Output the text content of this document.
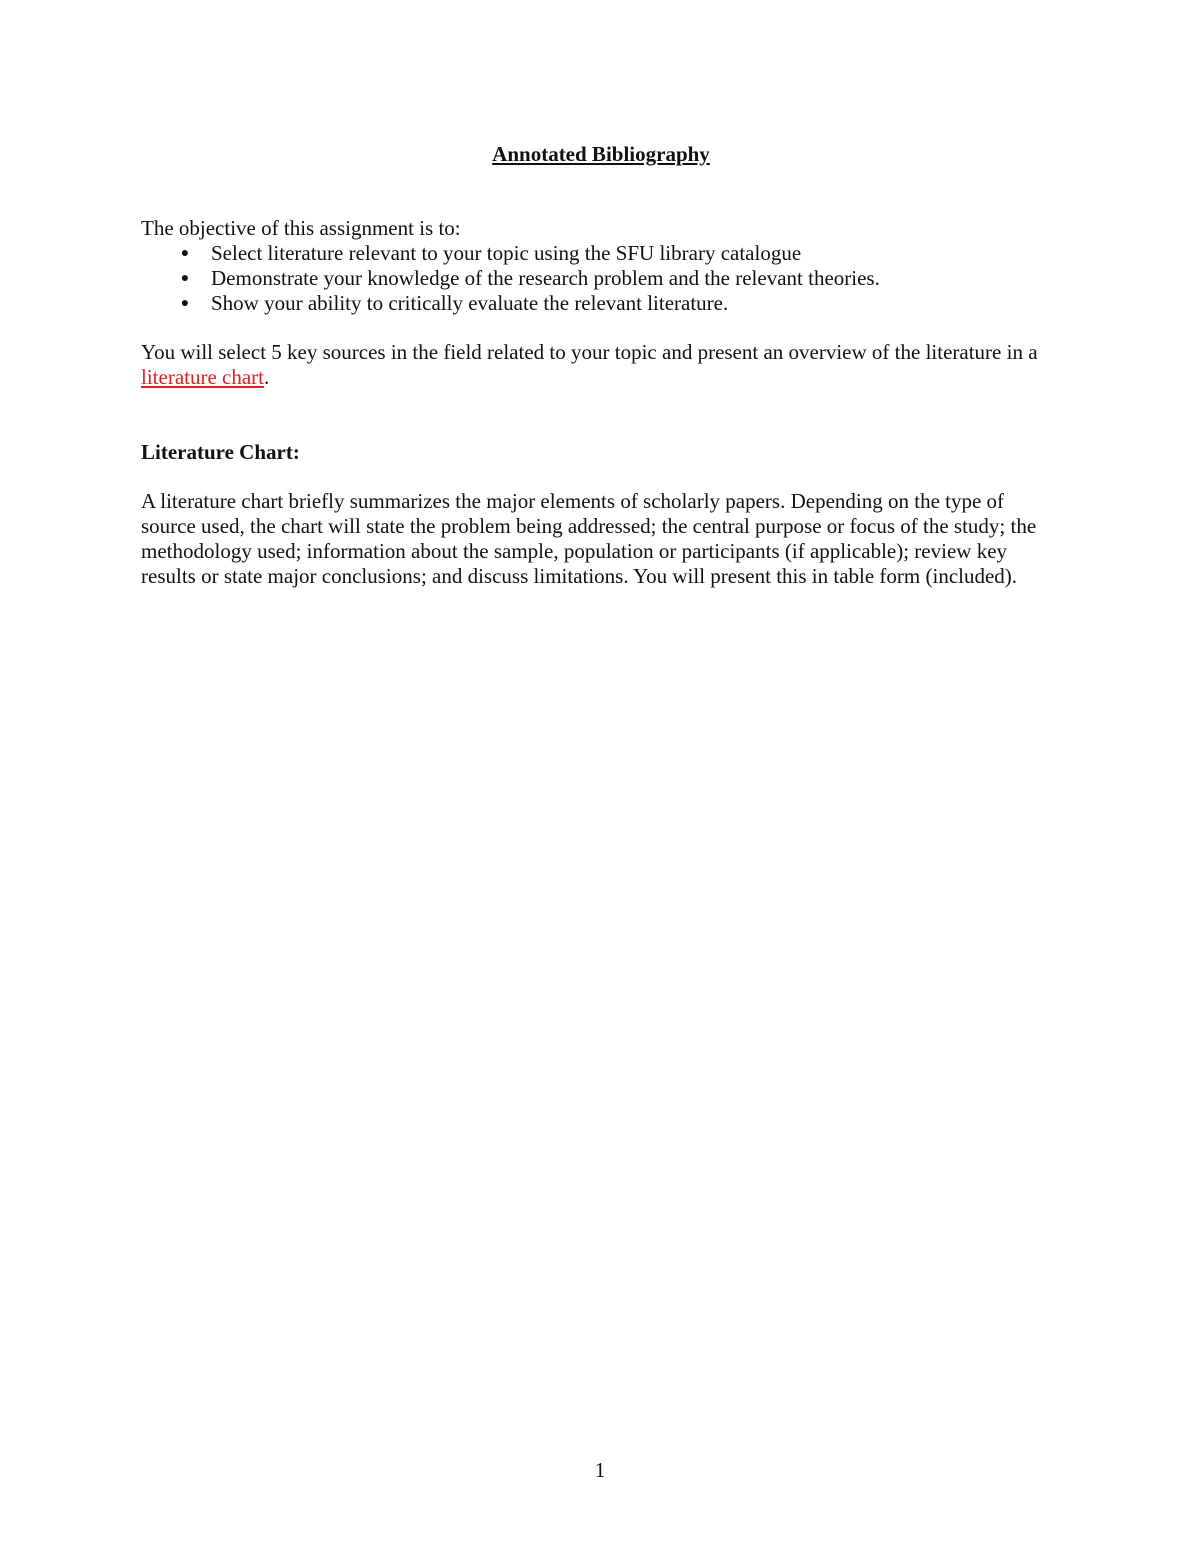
Annotated Bibliography

The objective of this assignment is to:

● Select literature relevant to your topic using the SFU library catalogue
● Demonstrate your knowledge of the research problem and the relevant theories.
● Show your ability to critically evaluate the relevant literature.

You will select 5 key sources in the field related to your topic and present an overview of the literature in a literature chart.

Literature Chart:

A literature chart briefly summarizes the major elements of scholarly papers. Depending on the type of source used, the chart will state the problem being addressed; the central purpose or focus of the study; the methodology used; information about the sample, population or participants (if applicable); review key results or state major conclusions; and discuss limitations. You will present this in table form (included).

1
